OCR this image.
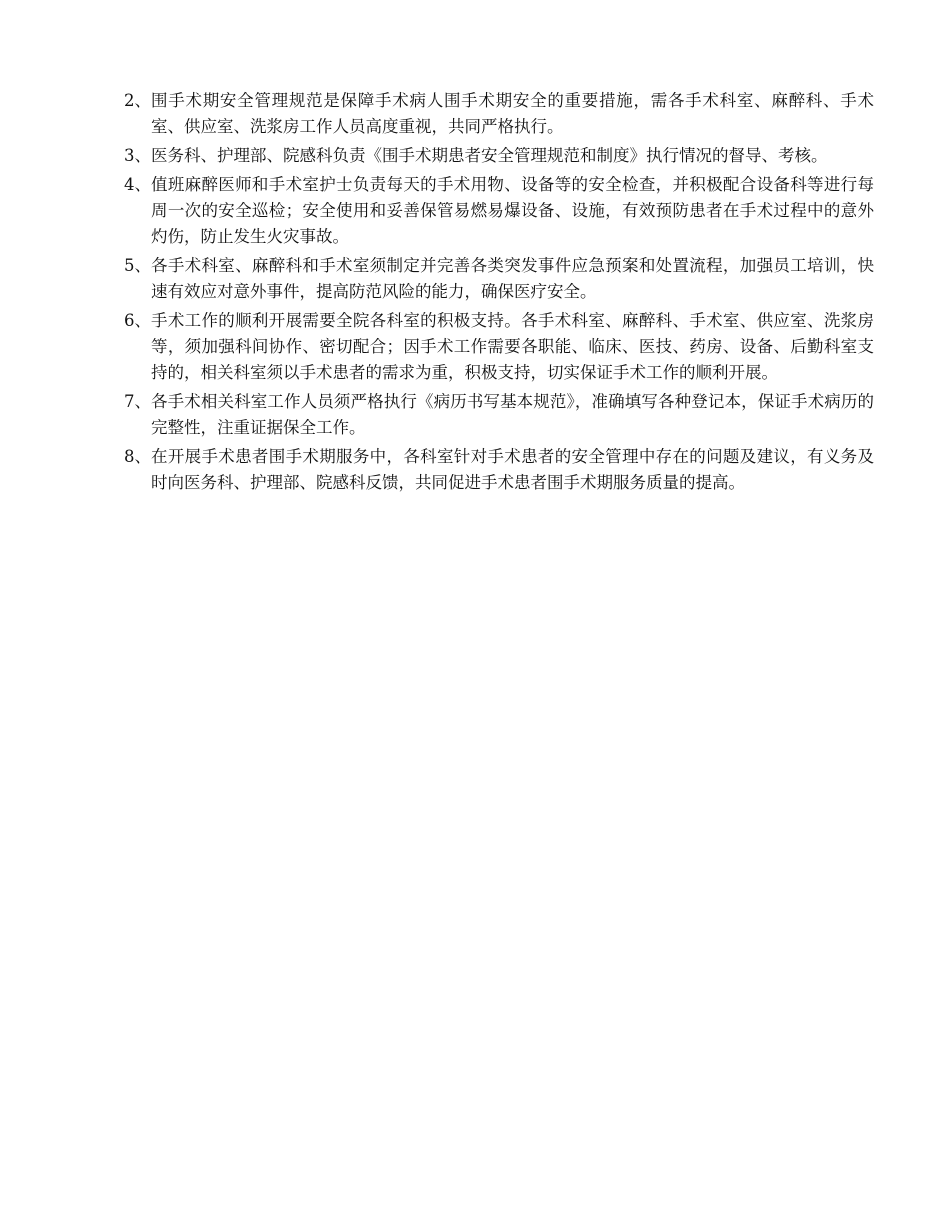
2、 围手术期安全管理规范是保障手术病人围手术期安全的重要措施，需各手术科室、麻醉科、手术室、供应室、洗浆房工作人员高度重视，共同严格执行。
3、 医务科、护理部、院感科负责《围手术期患者安全管理规范和制度》执行情况的督导、考核。
4、 值班麻醉医师和手术室护士负责每天的手术用物、设备等的安全检查，并积极配合设备科等进行每周一次的安全巡检；安全使用和妥善保管易燃易爆设备、设施，有效预防患者在手术过程中的意外灼伤，防止发生火灾事故。
5、 各手术科室、麻醉科和手术室须制定并完善各类突发事件应急预案和处置流程，加强员工培训，快速有效应对意外事件，提高防范风险的能力，确保医疗安全。
6、 手术工作的顺利开展需要全院各科室的积极支持。各手术科室、麻醉科、手术室、供应室、洗浆房等，须加强科间协作、密切配合；因手术工作需要各职能、临床、医技、药房、设备、后勤科室支持的，相关科室须以手术患者的需求为重，积极支持，切实保证手术工作的顺利开展。
7、 各手术相关科室工作人员须严格执行《病历书写基本规范》，准确填写各种登记本，保证手术病历的完整性，注重证据保全工作。
8、 在开展手术患者围手术期服务中，各科室针对手术患者的安全管理中存在的问题及建议，有义务及时向医务科、护理部、院感科反馈，共同促进手术患者围手术期服务质量的提高。
